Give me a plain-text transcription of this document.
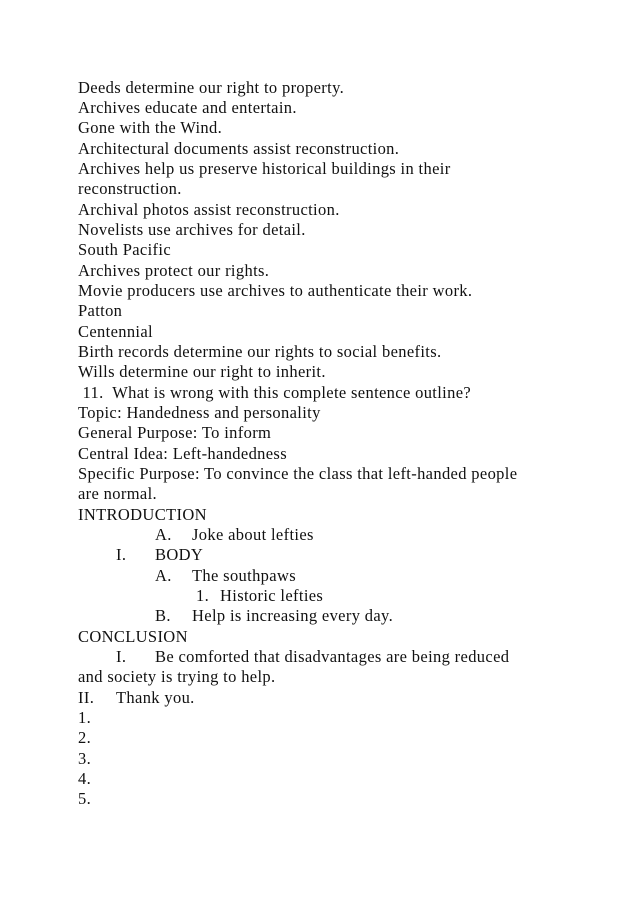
Deeds determine our right to property.
Archives educate and entertain.
Gone with the Wind.
Architectural documents assist reconstruction.
Archives help us preserve historical buildings in their
reconstruction.
Archival photos assist reconstruction.
Novelists use archives for detail.
South Pacific
Archives protect our rights.
Movie producers use archives to authenticate their work.
Patton
Centennial
Birth records determine our rights to social benefits.
Wills determine our right to inherit.
11.  What is wrong with this complete sentence outline?
Topic: Handedness and personality
General Purpose: To inform
Central Idea: Left-handedness
Specific Purpose: To convince the class that left-handed people
are normal.
INTRODUCTION
A. Joke about lefties
I. BODY
A. The southpaws
1. Historic lefties
B. Help is increasing every day.
CONCLUSION
I. Be comforted that disadvantages are being reduced
and society is trying to help.
II. Thank you.
1.
2.
3.
4.
5.
